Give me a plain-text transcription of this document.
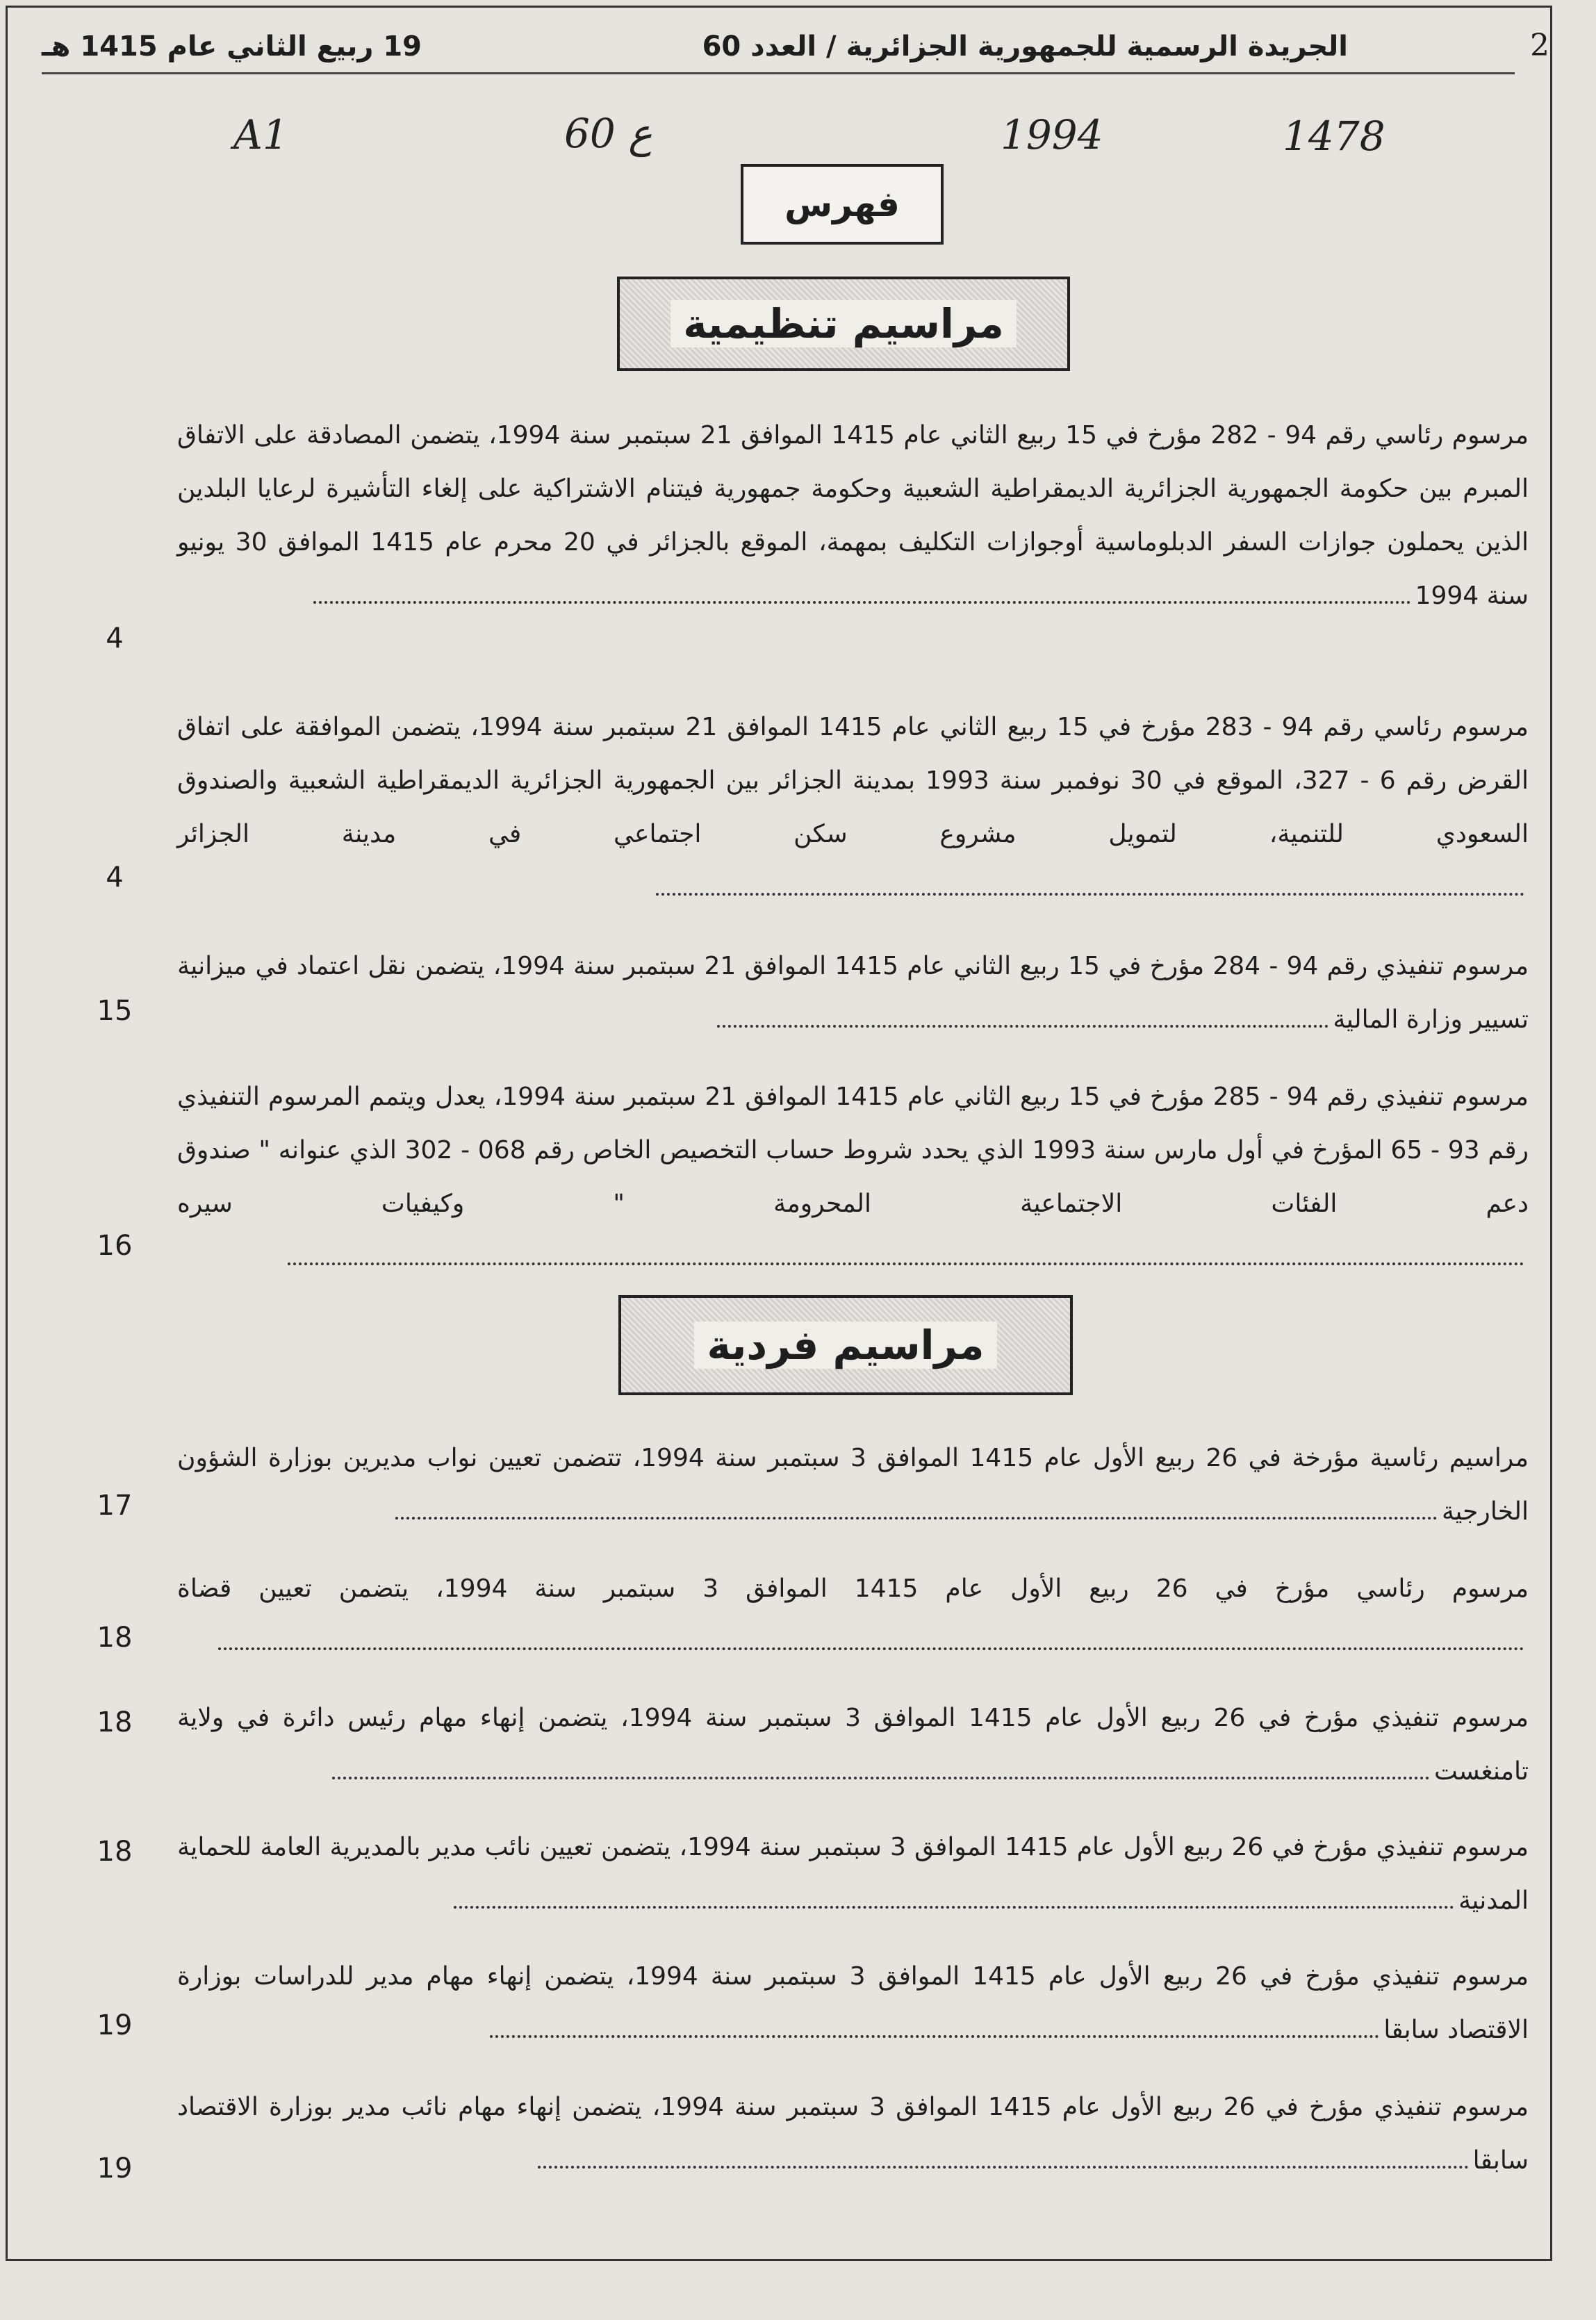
2
الجريدة الرسمية للجمهورية الجزائرية / العدد 60
19 ربيع الثاني عام 1415 هـ
A1	60 ع	1994	1478
فهرس
مراسيم تنظيمية
مراسيم فردية
مرسوم رئاسي رقم 94 - 282 مؤرخ في 15 ربيع الثاني عام 1415 الموافق 21 سبتمبر سنة 1994، يتضمن المصادقة على الاتفاق المبرم بين حكومة الجمهورية الجزائرية الديمقراطية الشعبية وحكومة جمهورية فيتنام الاشتراكية على إلغاء التأشيرة لرعايا البلدين الذين يحملون جوازات السفر الدبلوماسية أوجوازات التكليف بمهمة، الموقع بالجزائر في 20 محرم عام 1415 الموافق 30 يونيو سنة 1994
4
مرسوم رئاسي رقم 94 - 283 مؤرخ في 15 ربيع الثاني عام 1415 الموافق 21 سبتمبر سنة 1994، يتضمن الموافقة على اتفاق القرض رقم 6 - 327، الموقع في 30 نوفمبر سنة 1993 بمدينة الجزائر بين الجمهورية الجزائرية الديمقراطية الشعبية والصندوق السعودي للتنمية، لتمويل مشروع سكن اجتماعي في مدينة الجزائر
4
مرسوم تنفيذي رقم 94 - 284 مؤرخ في 15 ربيع الثاني عام 1415 الموافق 21 سبتمبر سنة 1994، يتضمن نقل اعتماد في ميزانية تسيير وزارة المالية
15
مرسوم تنفيذي رقم 94 - 285 مؤرخ في 15 ربيع الثاني عام 1415 الموافق 21 سبتمبر سنة 1994، يعدل ويتمم المرسوم التنفيذي رقم 93 - 65 المؤرخ في أول مارس سنة 1993 الذي يحدد شروط حساب التخصيص الخاص رقم 068 - 302 الذي عنوانه " صندوق دعم الفئات الاجتماعية المحرومة " وكيفيات سيره
16
مراسيم رئاسية مؤرخة في 26 ربيع الأول عام 1415 الموافق 3 سبتمبر سنة 1994، تتضمن تعيين نواب مديرين بوزارة الشؤون الخارجية
17
مرسوم رئاسي مؤرخ في 26 ربيع الأول عام 1415 الموافق 3 سبتمبر سنة 1994، يتضمن تعيين قضاة
18
مرسوم تنفيذي مؤرخ في 26 ربيع الأول عام 1415 الموافق 3 سبتمبر سنة 1994، يتضمن إنهاء مهام رئيس دائرة في ولاية تامنغست
18
مرسوم تنفيذي مؤرخ في 26 ربيع الأول عام 1415 الموافق 3 سبتمبر سنة 1994، يتضمن تعيين نائب مدير بالمديرية العامة للحماية المدنية
18
مرسوم تنفيذي مؤرخ في 26 ربيع الأول عام 1415 الموافق 3 سبتمبر سنة 1994، يتضمن إنهاء مهام مدير للدراسات بوزارة الاقتصاد سابقا
19
مرسوم تنفيذي مؤرخ في 26 ربيع الأول عام 1415 الموافق 3 سبتمبر سنة 1994، يتضمن إنهاء مهام نائب مدير بوزارة الاقتصاد سابقا
19
